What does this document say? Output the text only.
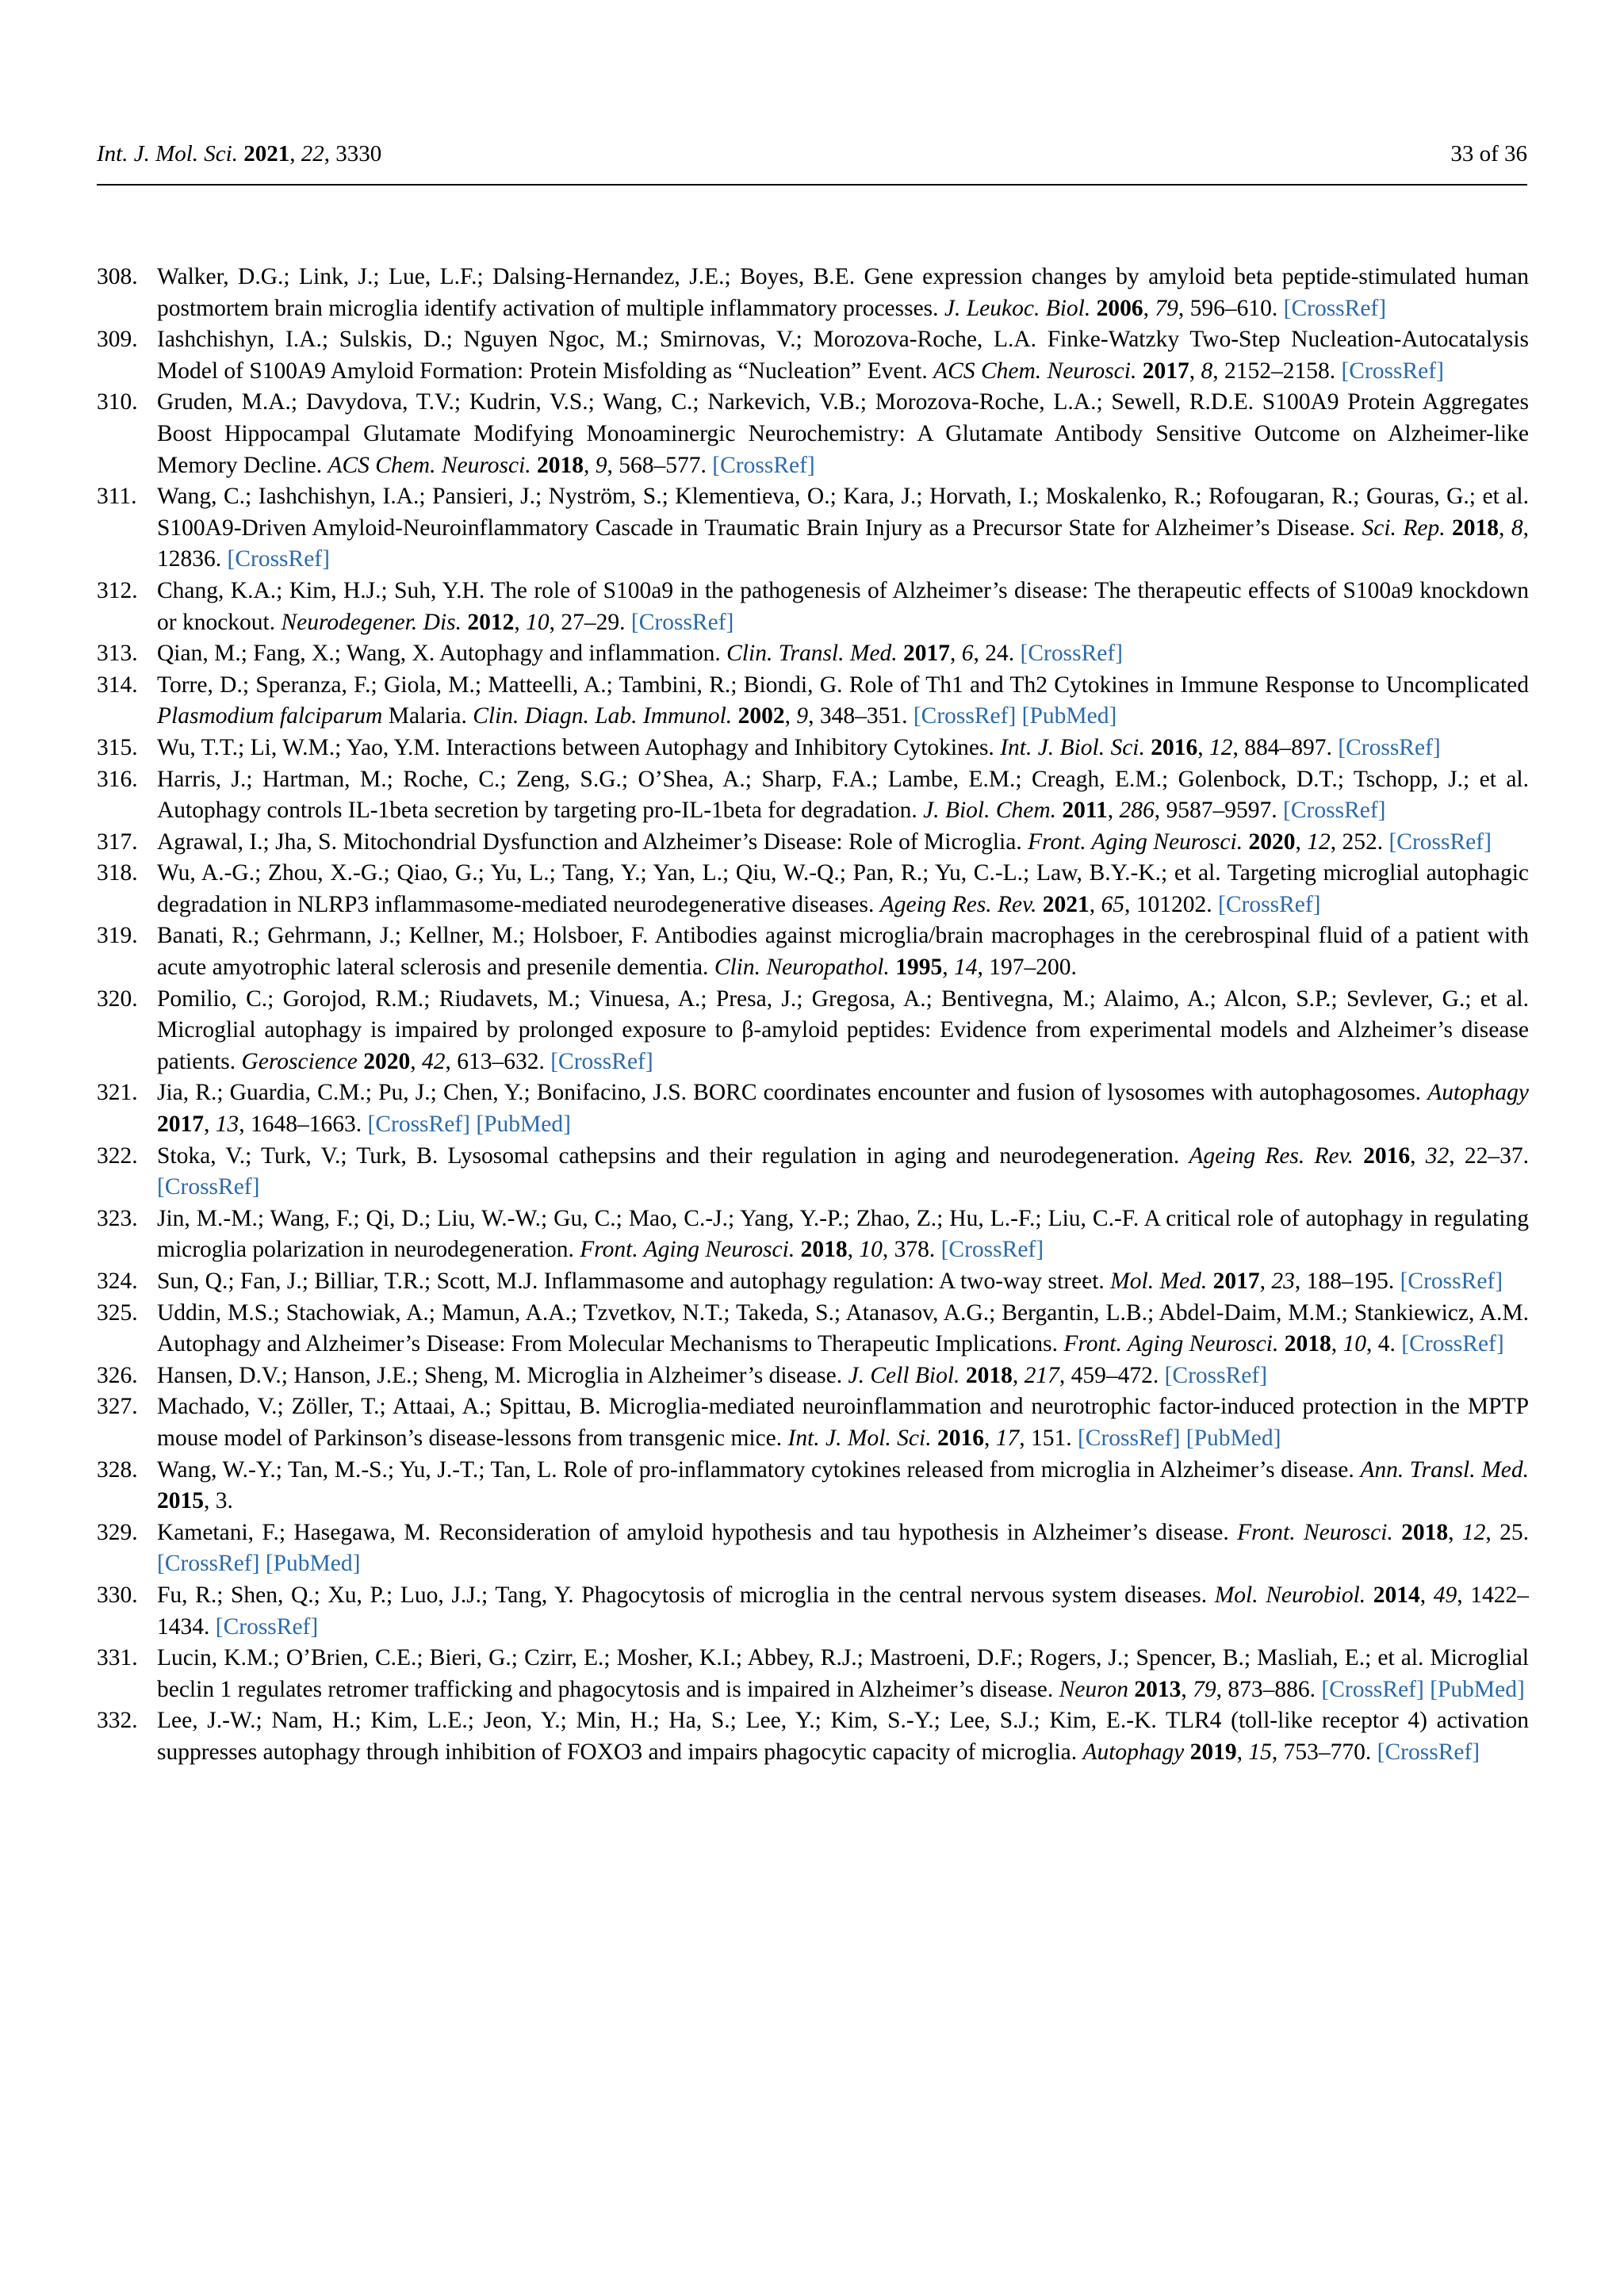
Int. J. Mol. Sci. 2021, 22, 3330	33 of 36

308. Walker, D.G.; Link, J.; Lue, L.F.; Dalsing-Hernandez, J.E.; Boyes, B.E. Gene expression changes by amyloid beta peptide-stimulated human postmortem brain microglia identify activation of multiple inflammatory processes. J. Leukoc. Biol. 2006, 79, 596–610. [CrossRef]

309. Iashchishyn, I.A.; Sulskis, D.; Nguyen Ngoc, M.; Smirnovas, V.; Morozova-Roche, L.A. Finke-Watzky Two-Step Nucleation-Autocatalysis Model of S100A9 Amyloid Formation: Protein Misfolding as “Nucleation” Event. ACS Chem. Neurosci. 2017, 8, 2152–2158. [CrossRef]

310. Gruden, M.A.; Davydova, T.V.; Kudrin, V.S.; Wang, C.; Narkevich, V.B.; Morozova-Roche, L.A.; Sewell, R.D.E. S100A9 Protein Aggregates Boost Hippocampal Glutamate Modifying Monoaminergic Neurochemistry: A Glutamate Antibody Sensitive Outcome on Alzheimer-like Memory Decline. ACS Chem. Neurosci. 2018, 9, 568–577. [CrossRef]

311. Wang, C.; Iashchishyn, I.A.; Pansieri, J.; Nyström, S.; Klementieva, O.; Kara, J.; Horvath, I.; Moskalenko, R.; Rofougaran, R.; Gouras, G.; et al. S100A9-Driven Amyloid-Neuroinflammatory Cascade in Traumatic Brain Injury as a Precursor State for Alzheimer’s Disease. Sci. Rep. 2018, 8, 12836. [CrossRef]

312. Chang, K.A.; Kim, H.J.; Suh, Y.H. The role of S100a9 in the pathogenesis of Alzheimer’s disease: The therapeutic effects of S100a9 knockdown or knockout. Neurodegener. Dis. 2012, 10, 27–29. [CrossRef]

313. Qian, M.; Fang, X.; Wang, X. Autophagy and inflammation. Clin. Transl. Med. 2017, 6, 24. [CrossRef]

314. Torre, D.; Speranza, F.; Giola, M.; Matteelli, A.; Tambini, R.; Biondi, G. Role of Th1 and Th2 Cytokines in Immune Response to Uncomplicated Plasmodium falciparum Malaria. Clin. Diagn. Lab. Immunol. 2002, 9, 348–351. [CrossRef] [PubMed]

315. Wu, T.T.; Li, W.M.; Yao, Y.M. Interactions between Autophagy and Inhibitory Cytokines. Int. J. Biol. Sci. 2016, 12, 884–897. [CrossRef]

316. Harris, J.; Hartman, M.; Roche, C.; Zeng, S.G.; O’Shea, A.; Sharp, F.A.; Lambe, E.M.; Creagh, E.M.; Golenbock, D.T.; Tschopp, J.; et al. Autophagy controls IL-1beta secretion by targeting pro-IL-1beta for degradation. J. Biol. Chem. 2011, 286, 9587–9597. [CrossRef]

317. Agrawal, I.; Jha, S. Mitochondrial Dysfunction and Alzheimer’s Disease: Role of Microglia. Front. Aging Neurosci. 2020, 12, 252. [CrossRef]

318. Wu, A.-G.; Zhou, X.-G.; Qiao, G.; Yu, L.; Tang, Y.; Yan, L.; Qiu, W.-Q.; Pan, R.; Yu, C.-L.; Law, B.Y.-K.; et al. Targeting microglial autophagic degradation in NLRP3 inflammasome-mediated neurodegenerative diseases. Ageing Res. Rev. 2021, 65, 101202. [CrossRef]

319. Banati, R.; Gehrmann, J.; Kellner, M.; Holsboer, F. Antibodies against microglia/brain macrophages in the cerebrospinal fluid of a patient with acute amyotrophic lateral sclerosis and presenile dementia. Clin. Neuropathol. 1995, 14, 197–200.

320. Pomilio, C.; Gorojod, R.M.; Riudavets, M.; Vinuesa, A.; Presa, J.; Gregosa, A.; Bentivegna, M.; Alaimo, A.; Alcon, S.P.; Sevlever, G.; et al. Microglial autophagy is impaired by prolonged exposure to β-amyloid peptides: Evidence from experimental models and Alzheimer’s disease patients. Geroscience 2020, 42, 613–632. [CrossRef]

321. Jia, R.; Guardia, C.M.; Pu, J.; Chen, Y.; Bonifacino, J.S. BORC coordinates encounter and fusion of lysosomes with autophagosomes. Autophagy 2017, 13, 1648–1663. [CrossRef] [PubMed]

322. Stoka, V.; Turk, V.; Turk, B. Lysosomal cathepsins and their regulation in aging and neurodegeneration. Ageing Res. Rev. 2016, 32, 22–37. [CrossRef]

323. Jin, M.-M.; Wang, F.; Qi, D.; Liu, W.-W.; Gu, C.; Mao, C.-J.; Yang, Y.-P.; Zhao, Z.; Hu, L.-F.; Liu, C.-F. A critical role of autophagy in regulating microglia polarization in neurodegeneration. Front. Aging Neurosci. 2018, 10, 378. [CrossRef]

324. Sun, Q.; Fan, J.; Billiar, T.R.; Scott, M.J. Inflammasome and autophagy regulation: A two-way street. Mol. Med. 2017, 23, 188–195. [CrossRef]

325. Uddin, M.S.; Stachowiak, A.; Mamun, A.A.; Tzvetkov, N.T.; Takeda, S.; Atanasov, A.G.; Bergantin, L.B.; Abdel-Daim, M.M.; Stankiewicz, A.M. Autophagy and Alzheimer’s Disease: From Molecular Mechanisms to Therapeutic Implications. Front. Aging Neurosci. 2018, 10, 4. [CrossRef]

326. Hansen, D.V.; Hanson, J.E.; Sheng, M. Microglia in Alzheimer’s disease. J. Cell Biol. 2018, 217, 459–472. [CrossRef]

327. Machado, V.; Zöller, T.; Attaai, A.; Spittau, B. Microglia-mediated neuroinflammation and neurotrophic factor-induced protection in the MPTP mouse model of Parkinson’s disease-lessons from transgenic mice. Int. J. Mol. Sci. 2016, 17, 151. [CrossRef] [PubMed]

328. Wang, W.-Y.; Tan, M.-S.; Yu, J.-T.; Tan, L. Role of pro-inflammatory cytokines released from microglia in Alzheimer’s disease. Ann. Transl. Med. 2015, 3.

329. Kametani, F.; Hasegawa, M. Reconsideration of amyloid hypothesis and tau hypothesis in Alzheimer’s disease. Front. Neurosci. 2018, 12, 25. [CrossRef] [PubMed]

330. Fu, R.; Shen, Q.; Xu, P.; Luo, J.J.; Tang, Y. Phagocytosis of microglia in the central nervous system diseases. Mol. Neurobiol. 2014, 49, 1422–1434. [CrossRef]

331. Lucin, K.M.; O’Brien, C.E.; Bieri, G.; Czirr, E.; Mosher, K.I.; Abbey, R.J.; Mastroeni, D.F.; Rogers, J.; Spencer, B.; Masliah, E.; et al. Microglial beclin 1 regulates retromer trafficking and phagocytosis and is impaired in Alzheimer’s disease. Neuron 2013, 79, 873–886. [CrossRef] [PubMed]

332. Lee, J.-W.; Nam, H.; Kim, L.E.; Jeon, Y.; Min, H.; Ha, S.; Lee, Y.; Kim, S.-Y.; Lee, S.J.; Kim, E.-K. TLR4 (toll-like receptor 4) activation suppresses autophagy through inhibition of FOXO3 and impairs phagocytic capacity of microglia. Autophagy 2019, 15, 753–770. [CrossRef]
